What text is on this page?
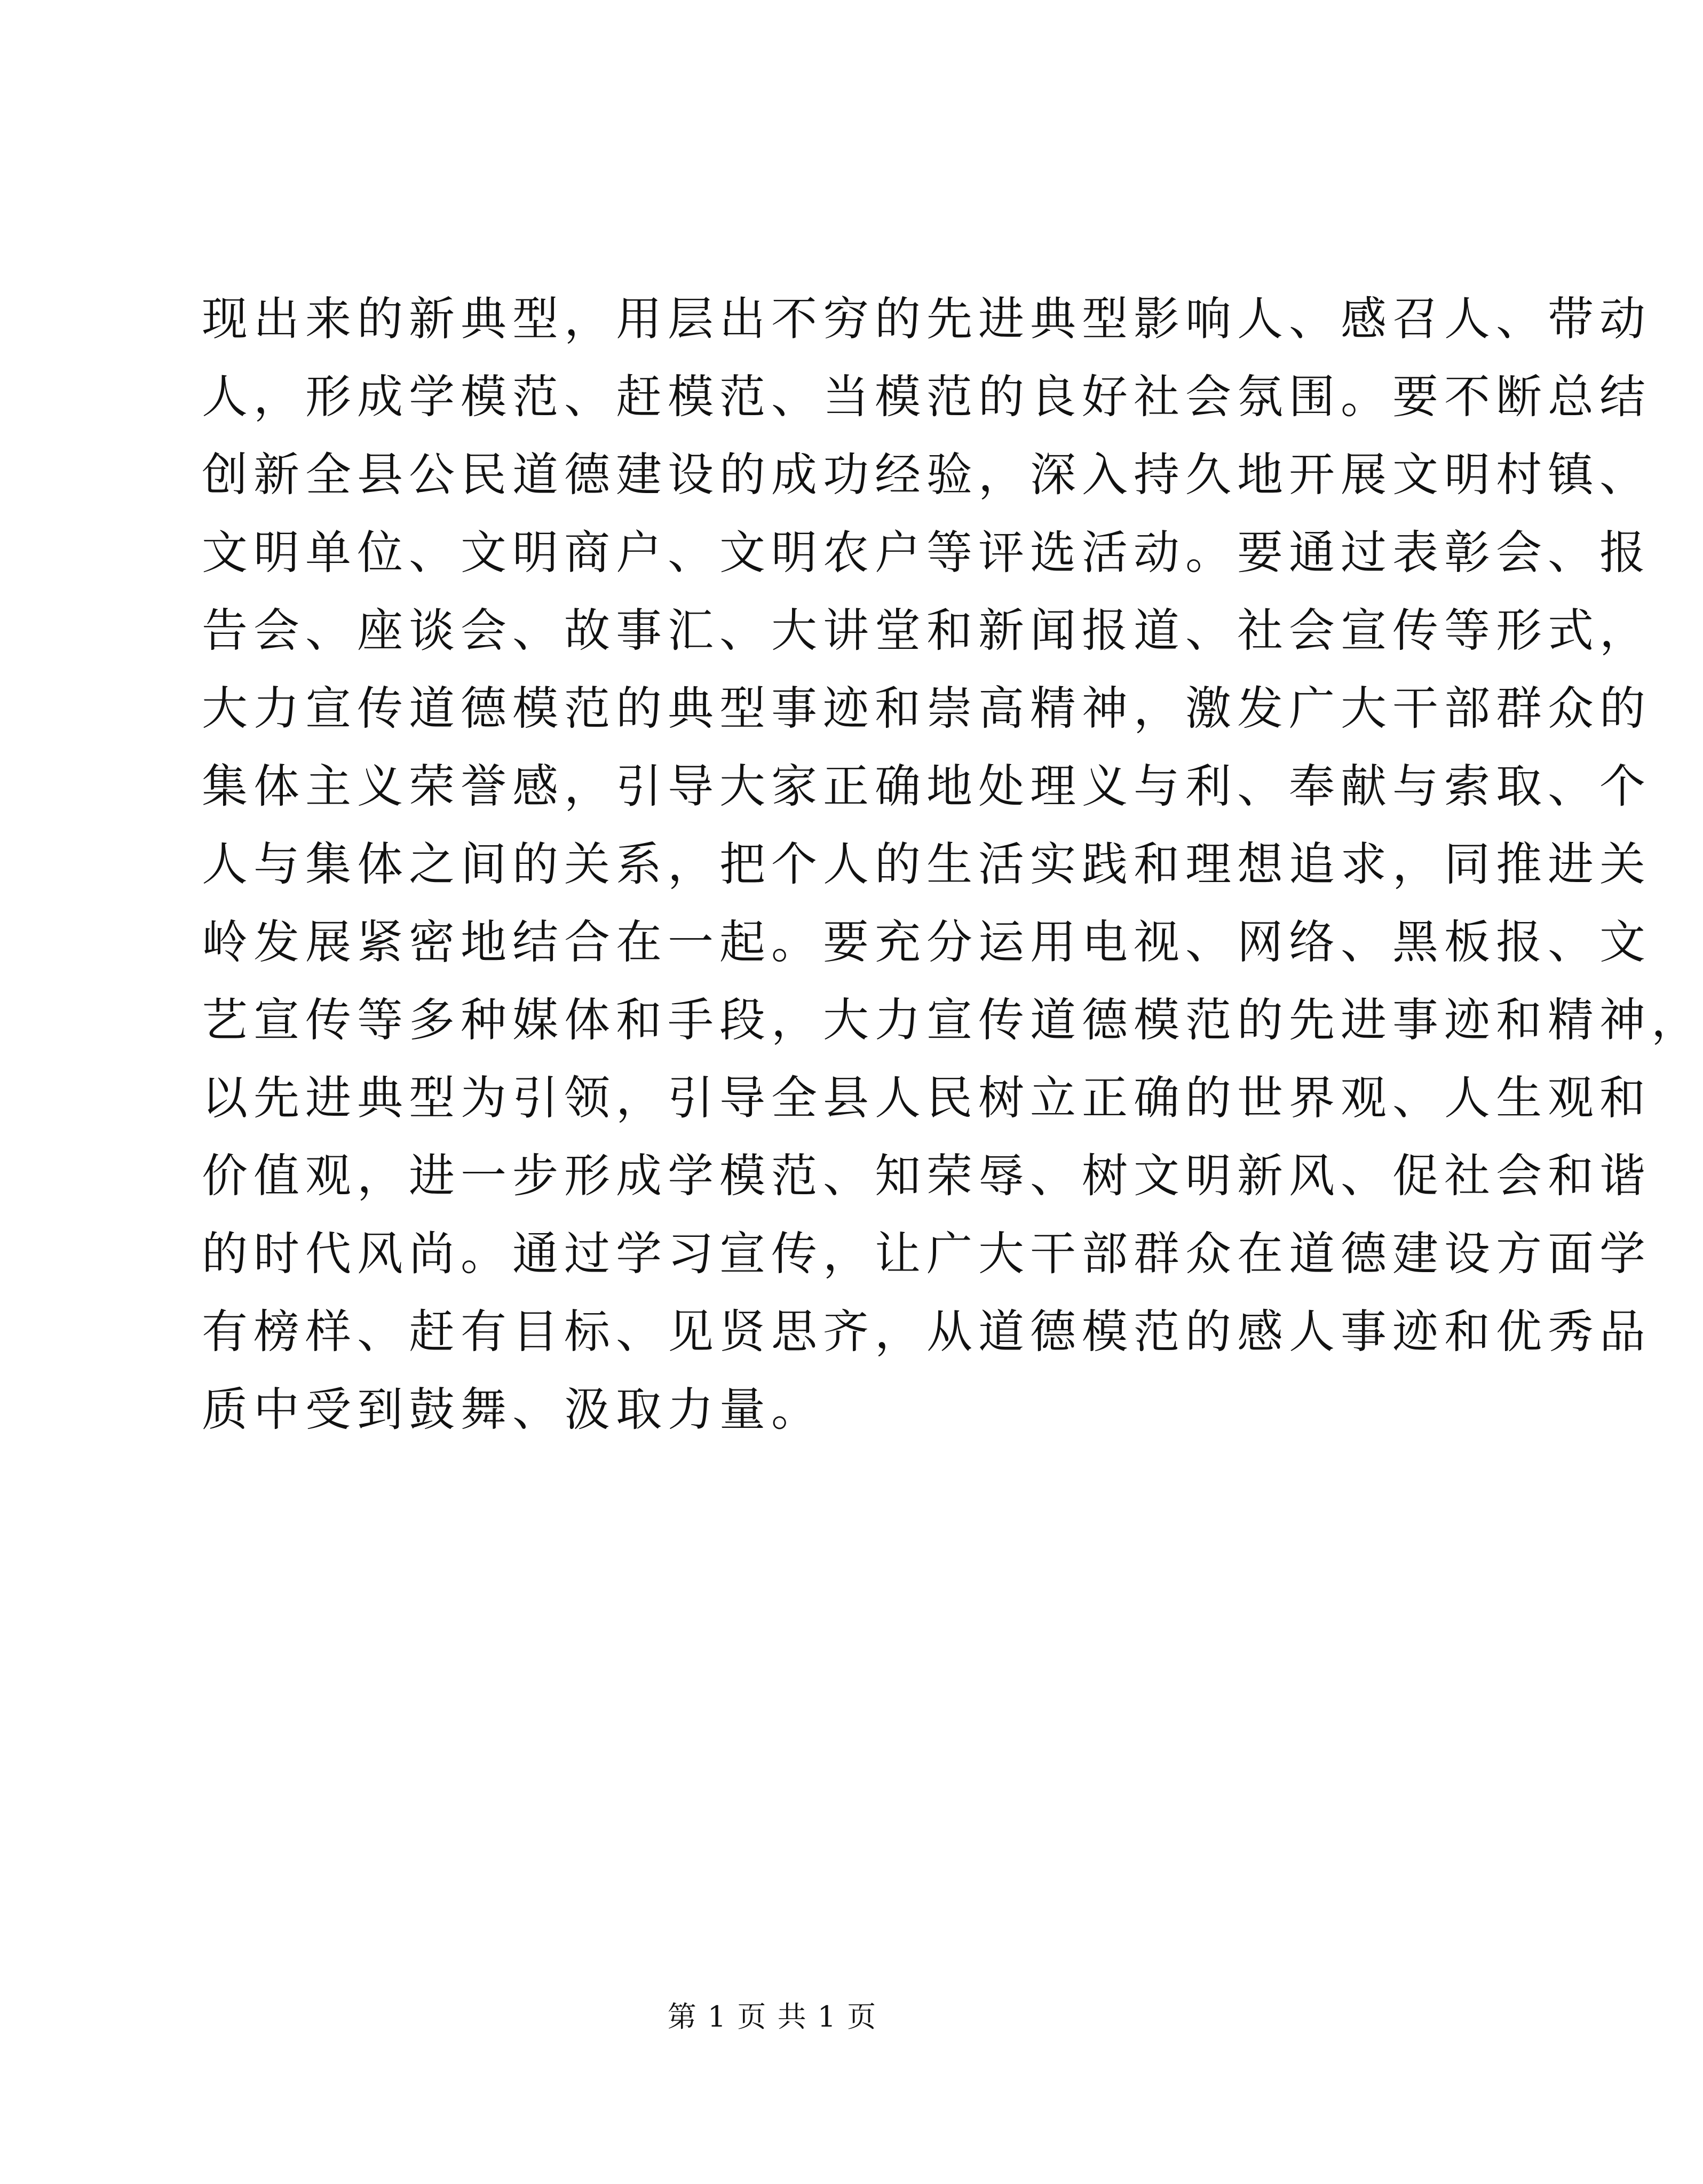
现出来的新典型，用层出不穷的先进典型影响人、感召人、带动
人，形成学模范、赶模范、当模范的良好社会氛围。要不断总结
创新全县公民道德建设的成功经验，深入持久地开展文明村镇、
文明单位、文明商户、文明农户等评选活动。要通过表彰会、报
告会、座谈会、故事汇、大讲堂和新闻报道、社会宣传等形式，
大力宣传道德模范的典型事迹和崇高精神，激发广大干部群众的
集体主义荣誉感，引导大家正确地处理义与利、奉献与索取、个
人与集体之间的关系，把个人的生活实践和理想追求，同推进关
岭发展紧密地结合在一起。要充分运用电视、网络、黑板报、文
艺宣传等多种媒体和手段，大力宣传道德模范的先进事迹和精神，
以先进典型为引领，引导全县人民树立正确的世界观、人生观和
价值观，进一步形成学模范、知荣辱、树文明新风、促社会和谐
的时代风尚。通过学习宣传，让广大干部群众在道德建设方面学
有榜样、赶有目标、见贤思齐，从道德模范的感人事迹和优秀品
质中受到鼓舞、汲取力量。
第 1 页 共 1 页
